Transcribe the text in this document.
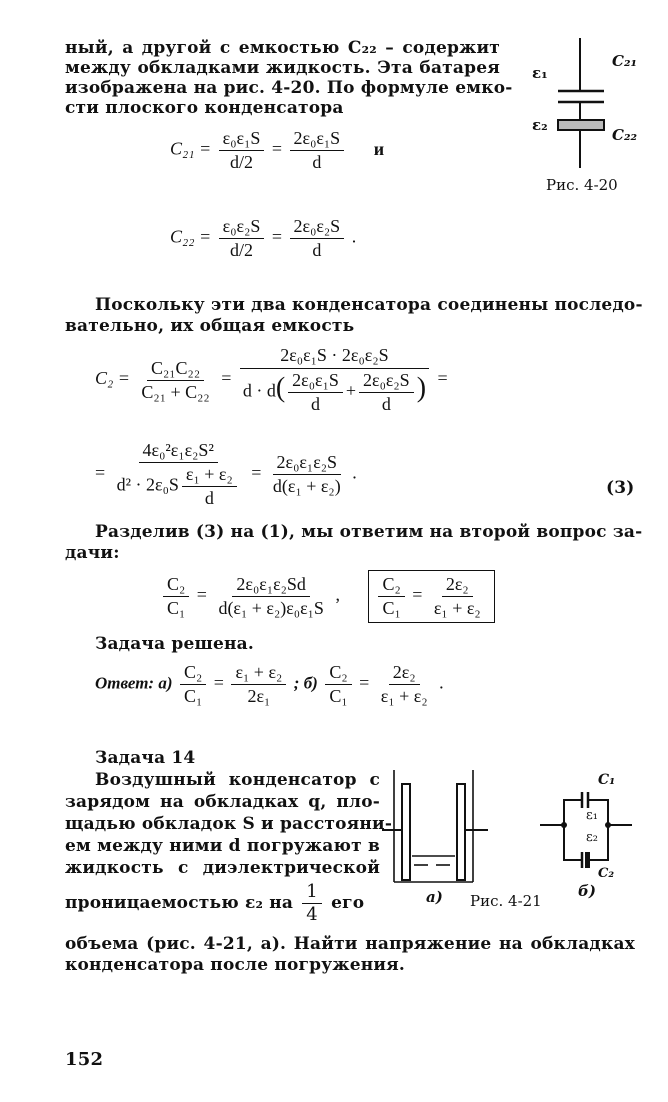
ный, а другой с емкостью C₂₂ – содержит
между обкладками жидкость. Эта батарея
изображена на рис. 4-20. По формуле емко-
сти плоского конденсатора
$C_{21} = \frac{\text{ε₀ε₁S}}{d/2} = \frac{\text{2ε₀ε₁S}}{d}$ и
$C_{22} = \frac{\text{ε₀ε₂S}}{d/2} = \frac{\text{2ε₀ε₂S}}{d}$ .
ε₁
C₂₁
ε₂
C₂₂
Рис. 4-20
Поскольку эти два конденсатора соединены последо-
вательно, их общая емкость
$C_2 = \frac{\text{C₂₁C₂₂}}{\text{C₂₁ + C₂₂}} = \frac{\text{2ε₀ε₁S · 2ε₀ε₂S}}{d \cdot d( \frac{\text{2ε₀ε₁S}}{d} + \frac{\text{2ε₀ε₂S}}{d} )}$ =
= $\frac{\text{4ε₀²ε₁ε₂S²}}{d^2 \cdot 2\varepsilon_0S \frac{\text{ε₁ + ε₂}}{d}} = \frac{\text{2ε₀ε₁ε₂S}}{\text{d(ε₁ + ε₂)}}$ .
(3)
Разделив (3) на (1), мы ответим на второй вопрос за-
дачи:
$\frac{\text{C₂}}{\text{C₁}} = \frac{\text{2ε₀ε₁ε₂Sd}}{\text{d(ε₁ + ε₂)ε₀ε₁S}}$ , $\frac{\text{C₂}}{\text{C₁}} = \frac{\text{2ε₂}}{\text{ε₁ + ε₂}}$
Задача решена.
Ответ: $а) \frac{\text{C₂}}{\text{C₁}} = \frac{\text{ε₁ + ε₂}}{\text{2ε₁}}$ ; $б) \frac{\text{C₂}}{\text{C₁}} = \frac{\text{2ε₂}}{\text{ε₁ + ε₂}}$ .
Задача 14
Воздушный конденсатор с
зарядом на обкладках q, пло-
щадью обкладок S и расстояни-
ем между ними d погружают в
жидкость с диэлектрической
проницаемостью ε₂ на $\frac{1}{4}$ его	а) Рис. 4-21
б)
C₁
ε₁
ε₂
C₂
объема (рис. 4-21, а). Найти напряжение на обкладках
конденсатора после погружения.
152
